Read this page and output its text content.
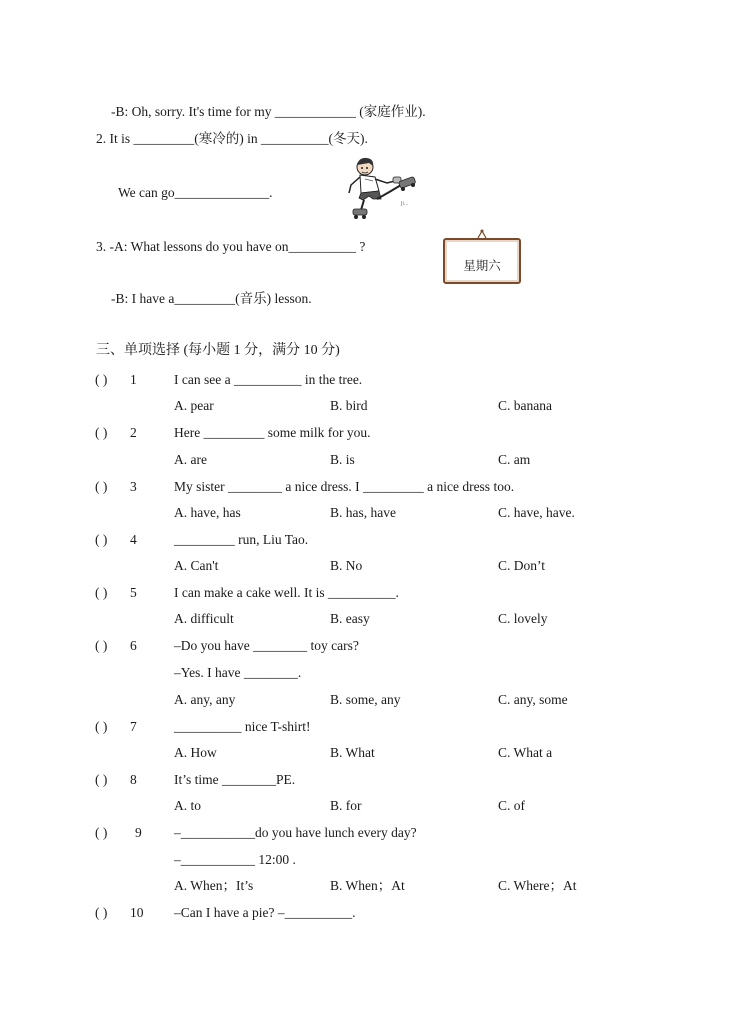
-B: Oh, sorry. It's time for my ____________ (家庭作业).
2. It is _________(寒冷的) in __________(冬天).
Ji...
We can go______________.
3. -A: What lessons do you have on__________ ?
星期六
-B: I have a_________(音乐) lesson.
三、单项选择 (每小题 1 分，满分 10 分)
( ) 1	I can see a __________ in the tree.
A. pear	B. bird	C. banana
( ) 2	Here _________ some milk for you.
A. are	B. is	C. am
( ) 3	My sister ________ a nice dress. I _________ a nice dress too.
A. have, has	B. has, have	C. have, have.
( ) 4	_________ run, Liu Tao.
A. Can't	B. No	C. Don’t
( ) 5	I can make a cake well. It is __________.
A. difficult	B. easy	C. lovely
( ) 6	–Do you have ________ toy cars?
–Yes. I have ________.
A. any, any	B. some, any	C. any, some
( ) 7	__________ nice T-shirt!
A. How	B. What	C. What a
( ) 8	It’s time ________PE.
A. to	B. for	C. of
( ) 9 –___________do you have lunch every day?
–___________ 12:00 .
A. When；It’s	B. When；At	C. Where；At
( ) 10 –Can I have a pie? –__________.
